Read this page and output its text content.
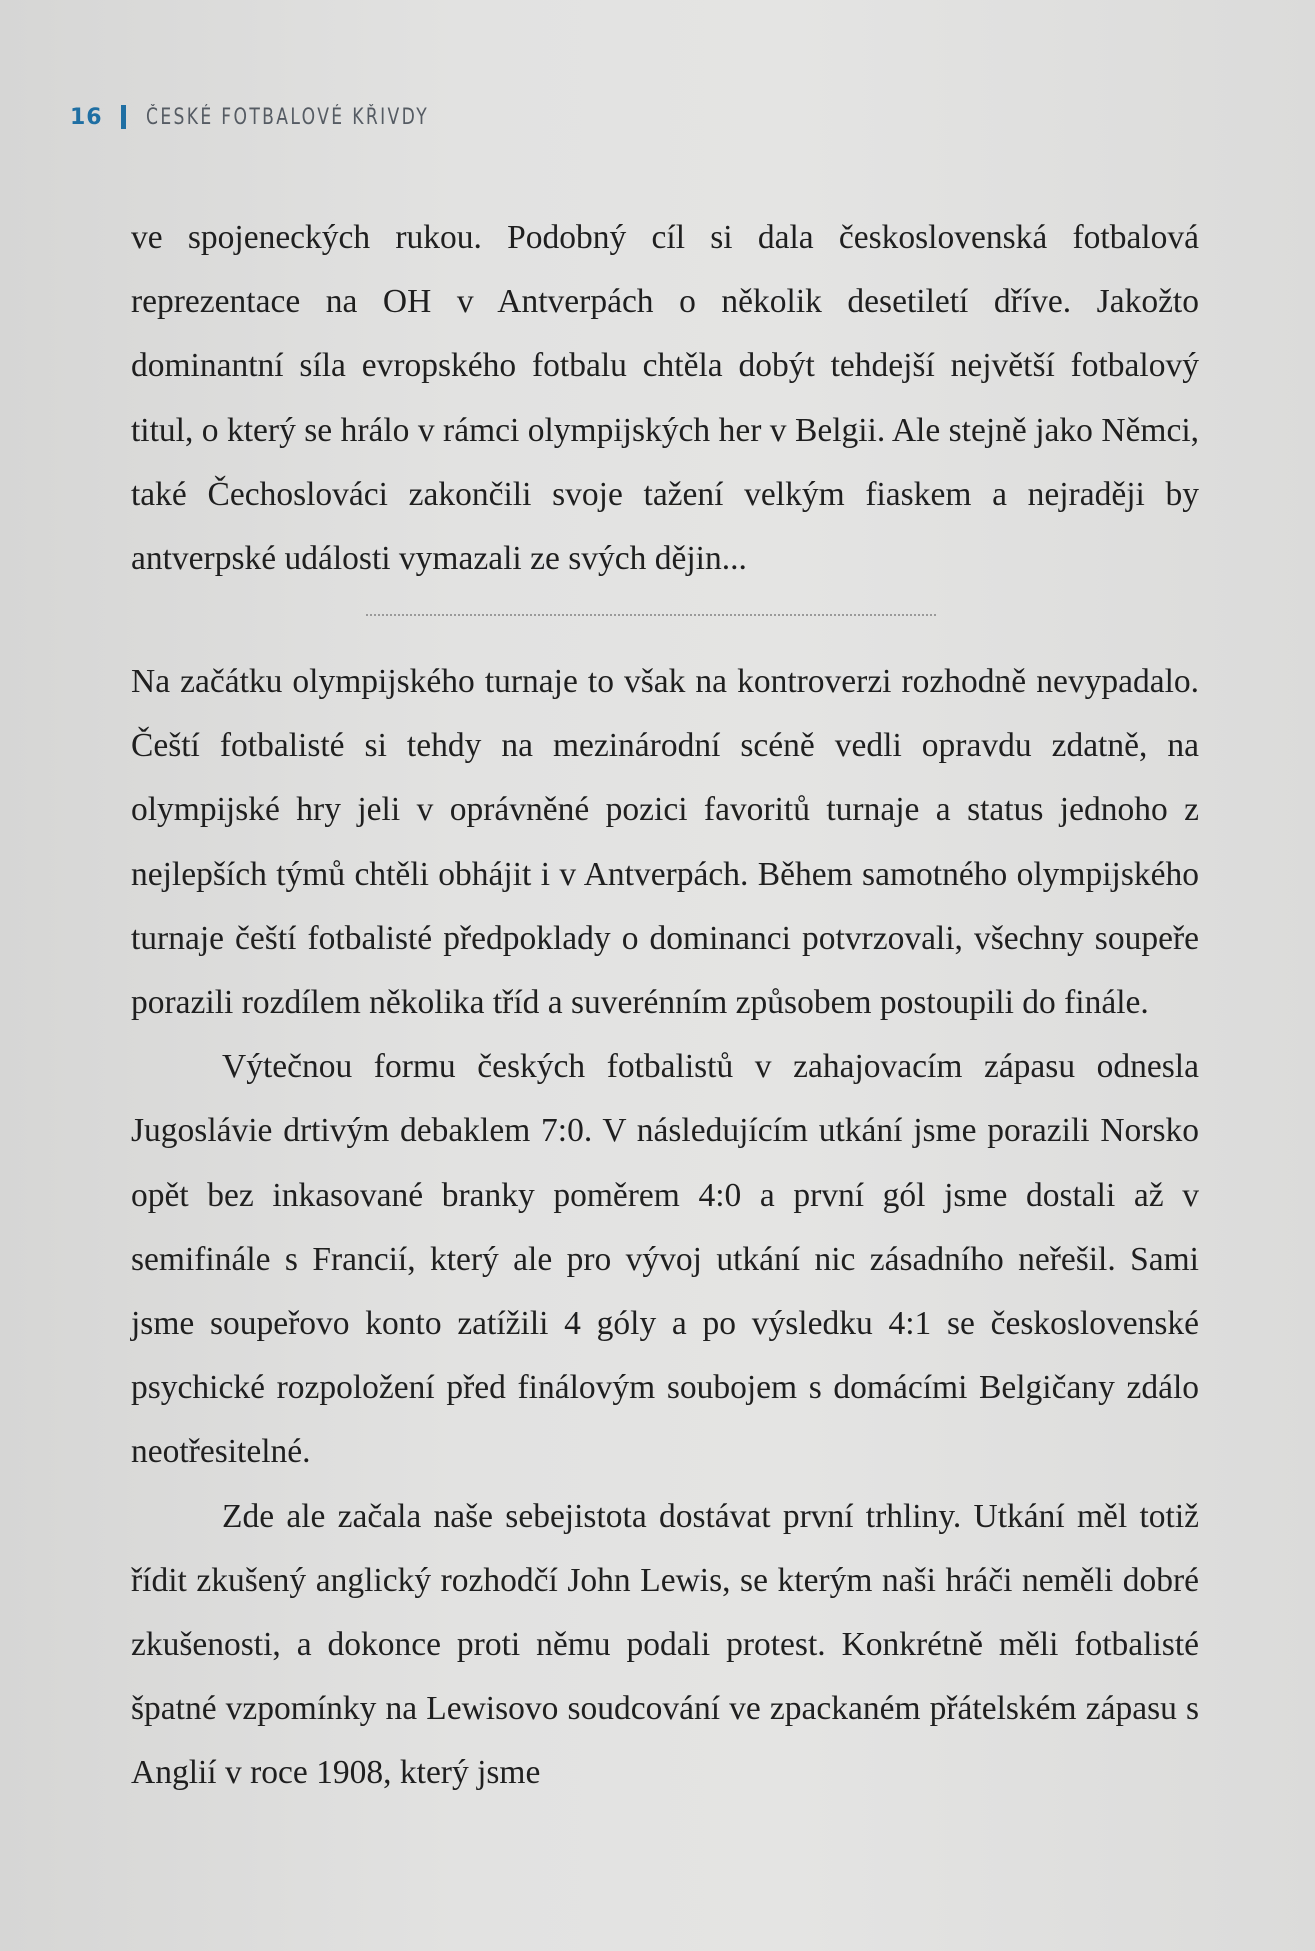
16 ČESKÉ FOTBALOVÉ KŘIVDY

ve spojeneckých rukou. Podobný cíl si dala československá fotbalová reprezentace na OH v Antverpách o několik desetiletí dříve. Jakožto dominantní síla evropského fotbalu chtěla dobýt tehdejší největší fotbalový titul, o který se hrálo v rámci olympijských her v Belgii. Ale stejně jako Němci, také Čechoslováci zakončili svoje tažení velkým fiaskem a nejraději by antverpské události vymazali ze svých dějin...

Na začátku olympijského turnaje to však na kontroverzi rozhodně nevypadalo. Čeští fotbalisté si tehdy na mezinárodní scéně vedli opravdu zdatně, na olympijské hry jeli v oprávněné pozici favoritů turnaje a status jednoho z nejlepších týmů chtěli obhájit i v Antverpách. Během samotného olympijského turnaje čeští fotbalisté předpoklady o dominanci potvrzovali, všechny soupeře porazili rozdílem několika tříd a suverénním způsobem postoupili do finále.

Výtečnou formu českých fotbalistů v zahajovacím zápasu odnesla Jugoslávie drtivým debaklem 7:0. V následujícím utkání jsme porazili Norsko opět bez inkasované branky poměrem 4:0 a první gól jsme dostali až v semifinále s Francií, který ale pro vývoj utkání nic zásadního neřešil. Sami jsme soupeřovo konto zatížili 4 góly a po výsledku 4:1 se československé psychické rozpoložení před finálovým soubojem s domácími Belgičany zdálo neotřesitelné.

Zde ale začala naše sebejistota dostávat první trhliny. Utkání měl totiž řídit zkušený anglický rozhodčí John Lewis, se kterým naši hráči neměli dobré zkušenosti, a dokonce proti němu podali protest. Konkrétně měli fotbalisté špatné vzpomínky na Lewisovo soudcování ve zpackaném přátelském zápasu s Anglií v roce 1908, který jsme
